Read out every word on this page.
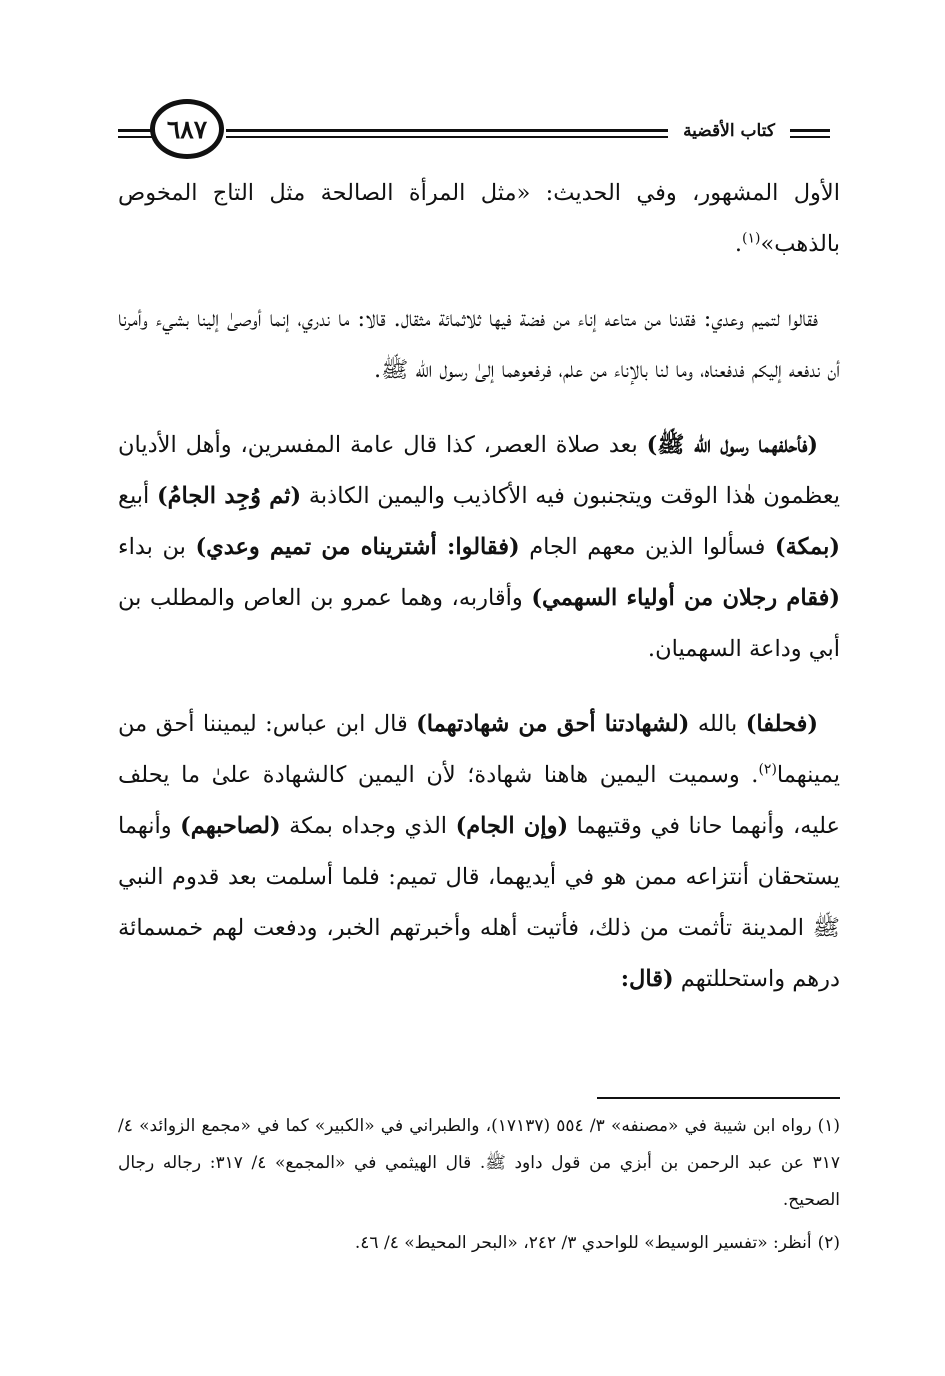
٦٨٧	كتاب الأقضية

الأول المشهور، وفي الحديث: «مثل المرأة الصالحة مثل التاج المخوص بالذهب»$^{(١)}$.

فقالوا لتميم وعدي: فقدنا من متاعه إناء من فضة فيها ثلاثمائة مثقال. قالا: ما ندري، إنما أوصىٰ إلينا بشيء وأمرنا أن ندفعه إليكم فدفعناه، وما لنا بالإناء من علم، فرفعوهما إلىٰ رسول الله ﷺ.

(فأحلفهما رسول الله ﷺ) بعد صلاة العصر، كذا قال عامة المفسرين، وأهل الأديان يعظمون هٰذا الوقت ويتجنبون فيه الأكاذيب واليمين الكاذبة (ثم وُجِد الجامُ) أبيع (بمكة) فسألوا الذين معهم الجام (فقالوا: أشتريناه من تميم وعدي) بن بداء (فقام رجلان من أولياء السهمي) وأقاربه، وهما عمرو بن العاص والمطلب بن أبي وداعة السهميان.

(فحلفا) بالله (لشهادتنا أحق من شهادتهما) قال ابن عباس: ليميننا أحق من يمينهما$^{(٢)}$. وسميت اليمين هاهنا شهادة؛ لأن اليمين كالشهادة علىٰ ما يحلف عليه، وأنهما حانا في وقتيهما (وإن الجام) الذي وجداه بمكة (لصاحبهم) وأنهما يستحقان أنتزاعه ممن هو في أيديهما، قال تميم: فلما أسلمت بعد قدوم النبي ﷺ المدينة تأثمت من ذلك، فأتيت أهله وأخبرتهم الخبر، ودفعت لهم خمسمائة درهم واستحللتهم (قال:

(١)رواه ابن شيبة في «مصنفه» ٣/ ٥٥٤ (١٧١٣٧)، والطبراني في «الكبير» كما في «مجمع الزوائد» ٤/ ٣١٧ عن عبد الرحمن بن أبزي من قول داود ﷺ. قال الهيثمي في «المجمع» ٤/ ٣١٧: رجاله رجال الصحيح.

(٢)أنظر: «تفسير الوسيط» للواحدي ٣/ ٢٤٢، «البحر المحيط» ٤/ ٤٦.
